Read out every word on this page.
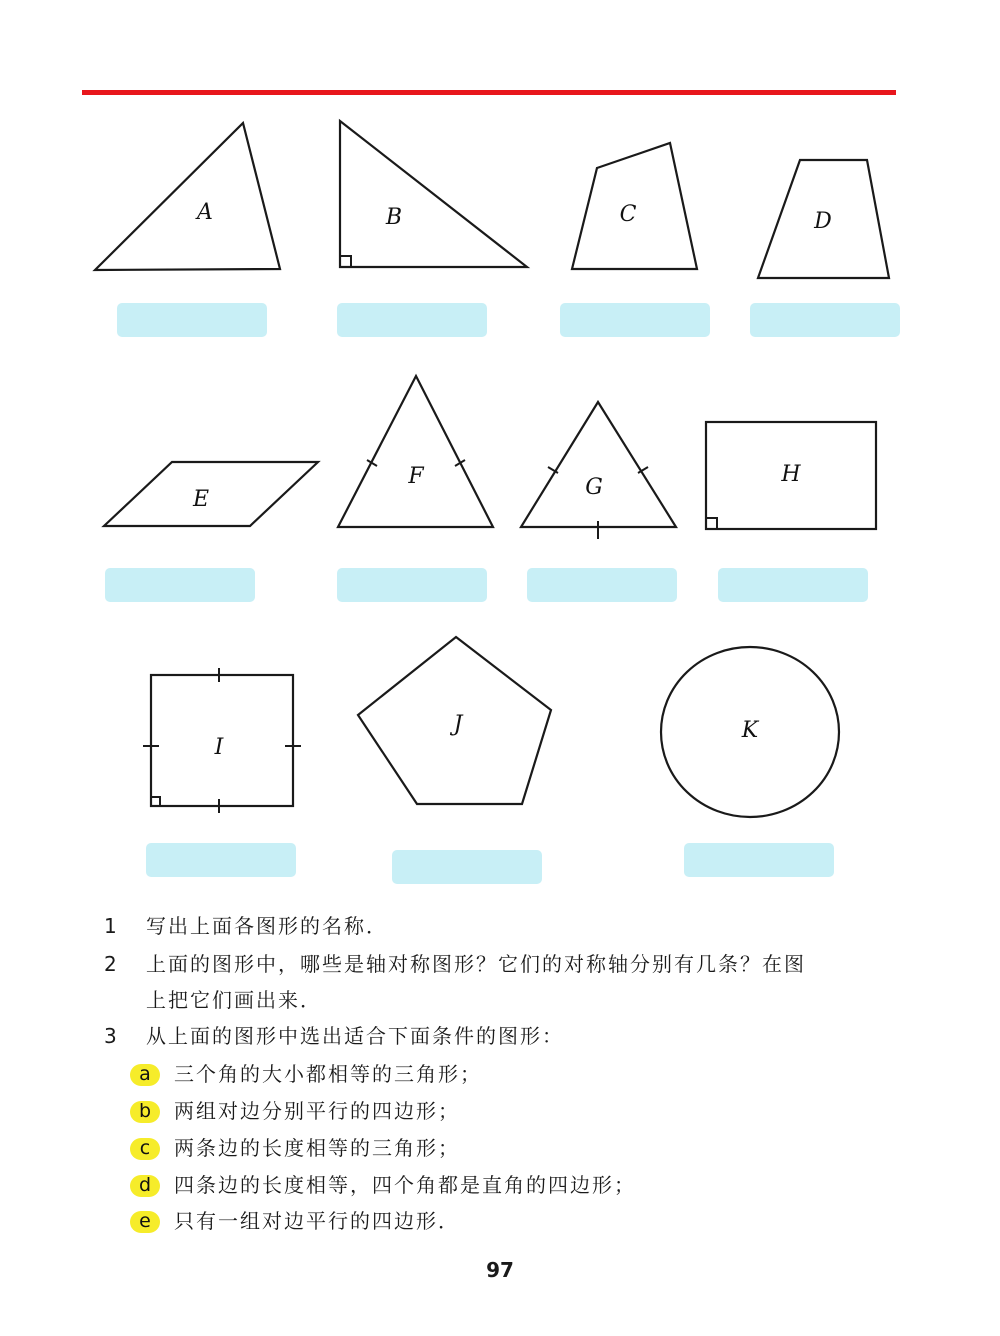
A	B	C	D
E
F	G
H
I
J	K
1 写出上面各图形的名称．
2 上面的图形中，哪些是轴对称图形？它们的对称轴分别有几条？在图
上把它们画出来．
3 从上面的图形中选出适合下面条件的图形：
a	三个角的大小都相等的三角形；
b	两组对边分别平行的四边形；
c	两条边的长度相等的三角形；
d	四条边的长度相等，四个角都是直角的四边形；
e	只有一组对边平行的四边形．
97
